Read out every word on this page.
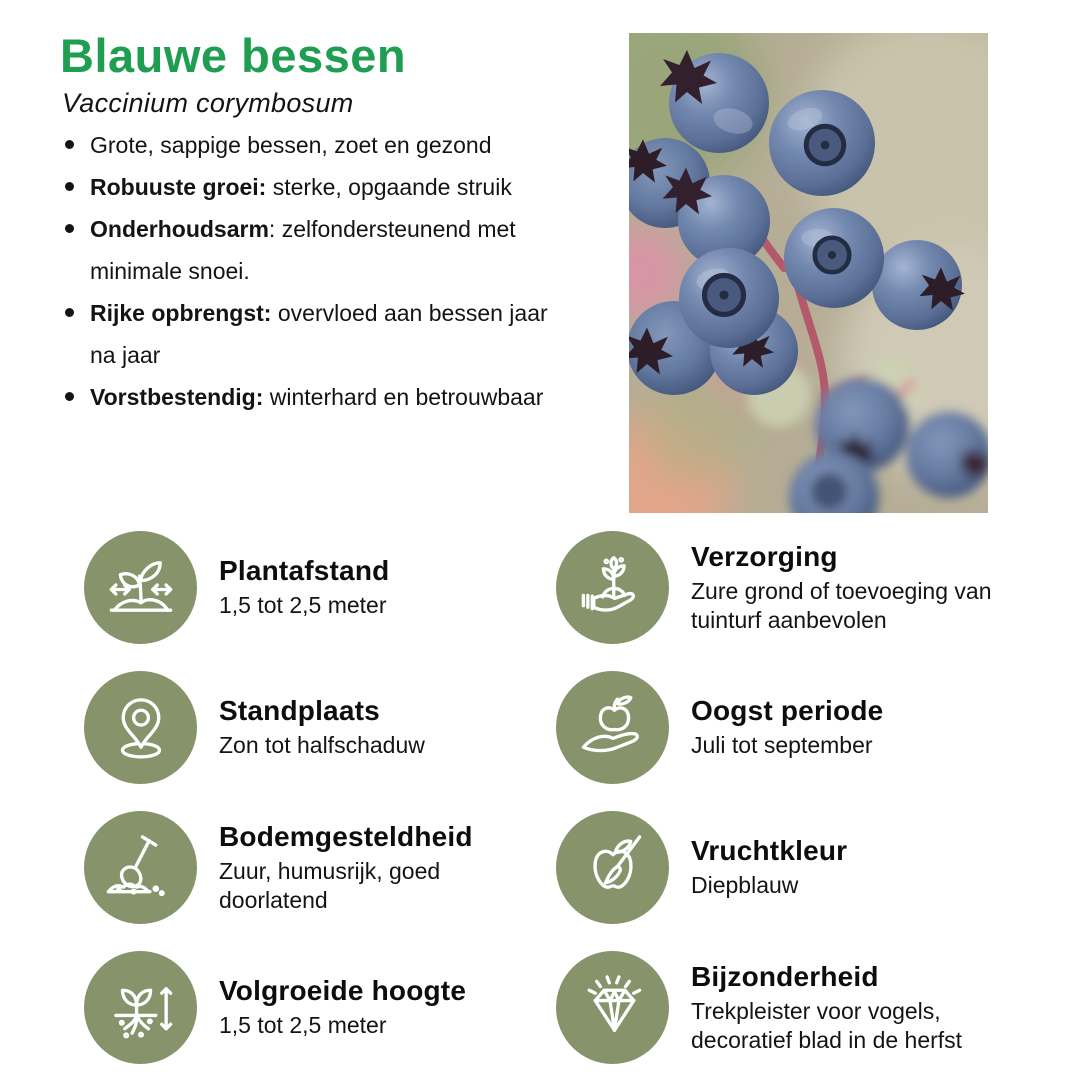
Blauwe bessen
Vaccinium corymbosum
Grote, sappige bessen, zoet en gezond
Robuuste groei: sterke, opgaande struik
Onderhoudsarm: zelfondersteunend met minimale snoei.
Rijke opbrengst: overvloed aan bessen jaar na jaar
Vorstbestendig: winterhard en betrouwbaar
Plantafstand

1,5 tot 2,5 meter

Verzorging

Zure grond of toevoeging van tuinturf aanbevolen

Standplaats

Zon tot halfschaduw

Oogst periode

Juli tot september

Bodemgesteldheid

Zuur, humusrijk, goed doorlatend

Vruchtkleur

Diepblauw

Volgroeide hoogte

1,5 tot 2,5 meter

Bijzonderheid

Trekpleister voor vogels, decoratief blad in de herfst
